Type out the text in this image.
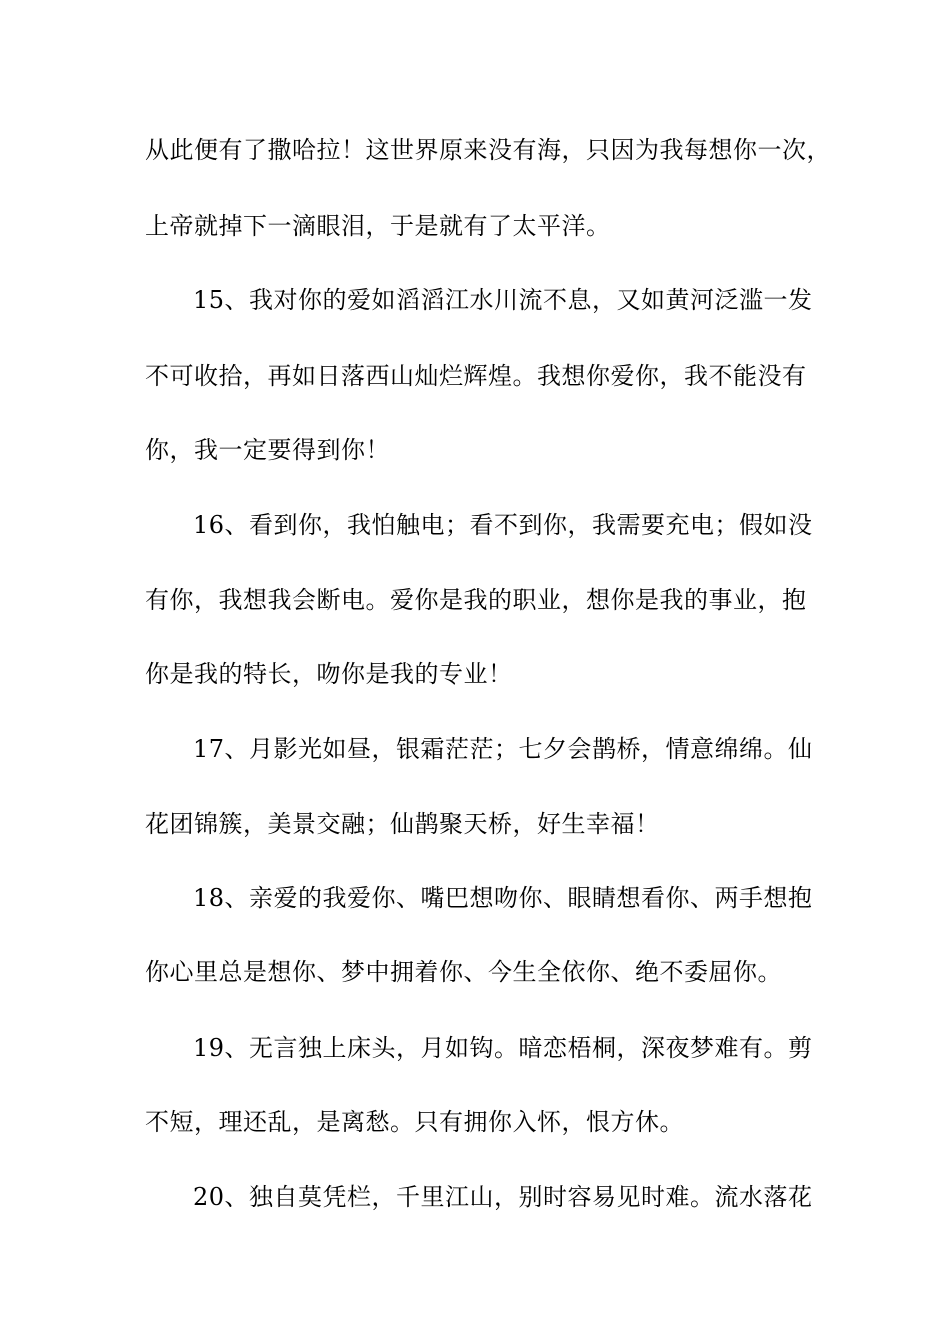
从此便有了撒哈拉！这世界原来没有海，只因为我每想你一次，
上帝就掉下一滴眼泪，于是就有了太平洋。
15、我对你的爱如滔滔江水川流不息，又如黄河泛滥一发
不可收拾，再如日落西山灿烂辉煌。我想你爱你，我不能没有
你，我一定要得到你！
16、看到你，我怕触电；看不到你，我需要充电；假如没
有你，我想我会断电。爱你是我的职业，想你是我的事业，抱
你是我的特长，吻你是我的专业！
17、月影光如昼，银霜茫茫；七夕会鹊桥，情意绵绵。仙
花团锦簇，美景交融；仙鹊聚天桥，好生幸福！
18、亲爱的我爱你、嘴巴想吻你、眼睛想看你、两手想抱
你心里总是想你、梦中拥着你、今生全依你、绝不委屈你。
19、无言独上床头，月如钩。暗恋梧桐，深夜梦难有。剪
不短，理还乱，是离愁。只有拥你入怀，恨方休。
20、独自莫凭栏，千里江山，别时容易见时难。流水落花
